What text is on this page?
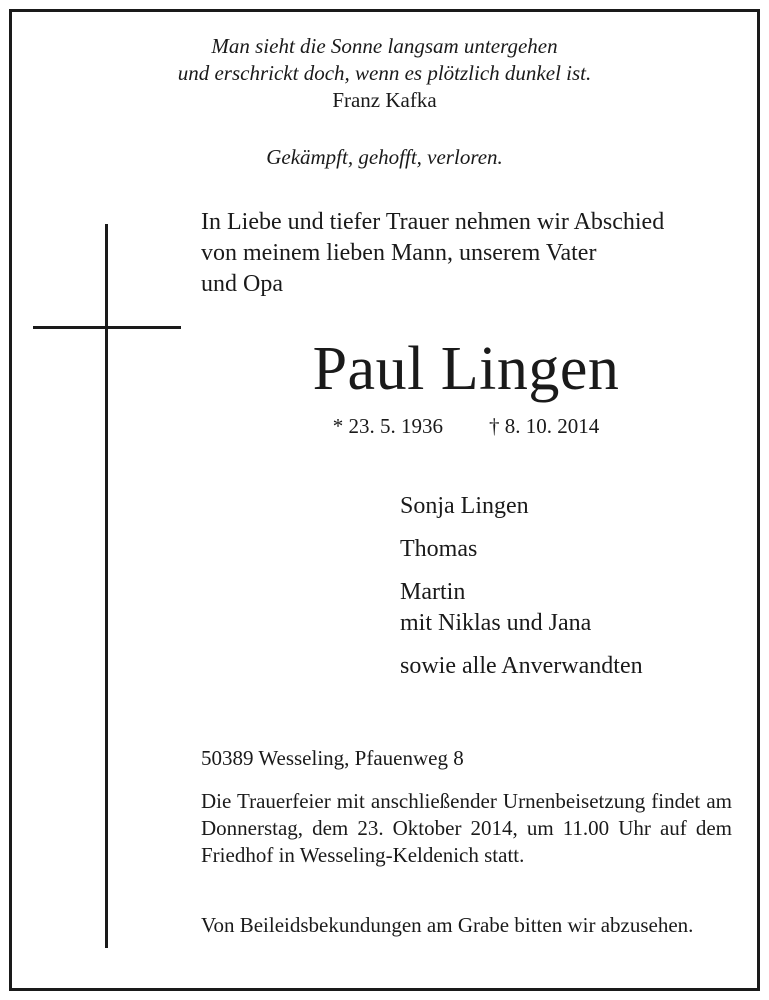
Man sieht die Sonne langsam untergehen
und erschrickt doch, wenn es plötzlich dunkel ist.
Franz Kafka
Gekämpft, gehofft, verloren.
In Liebe und tiefer Trauer nehmen wir Abschied
von meinem lieben Mann, unserem Vater
und Opa
Paul Lingen
* 23. 5. 1936 † 8. 10. 2014
Sonja Lingen
Thomas
Martin
mit Niklas und Jana
sowie alle Anverwandten
50389 Wesseling, Pfauenweg 8
Die Trauerfeier mit anschließender Urnenbeisetzung findet am Donnerstag, dem 23. Oktober 2014, um 11.00 Uhr auf dem Friedhof in Wesseling-Keldenich statt.
Von Beileidsbekundungen am Grabe bitten wir abzusehen.
